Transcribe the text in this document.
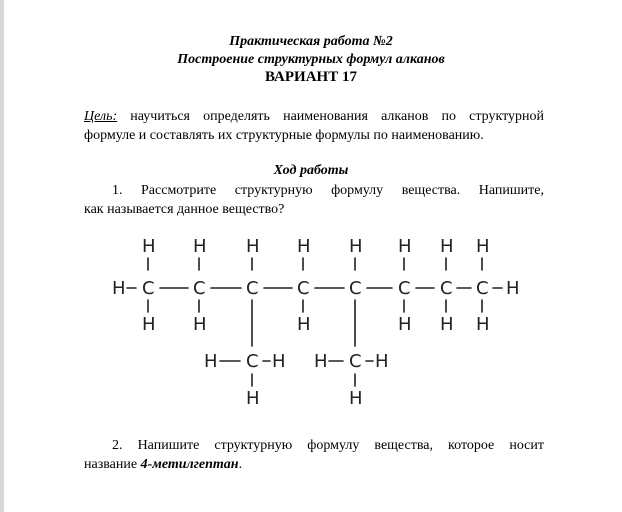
Практическая работа №2
Построение структурных формул алканов
ВАРИАНТ 17
Цель: научиться определять наименования алканов по структурной
формуле и составлять их структурные формулы по наименованию.
Ход работы
1. Рассмотрите структурную формулу вещества. Напишите,
как называется данное вещество?
H H H H H H H H
H C C C C C C C C H
H H	H	H H H
H C H
H
H C H
H
2. Напишите структурную формулу вещества, которое носит
название 4-метилгептан.
